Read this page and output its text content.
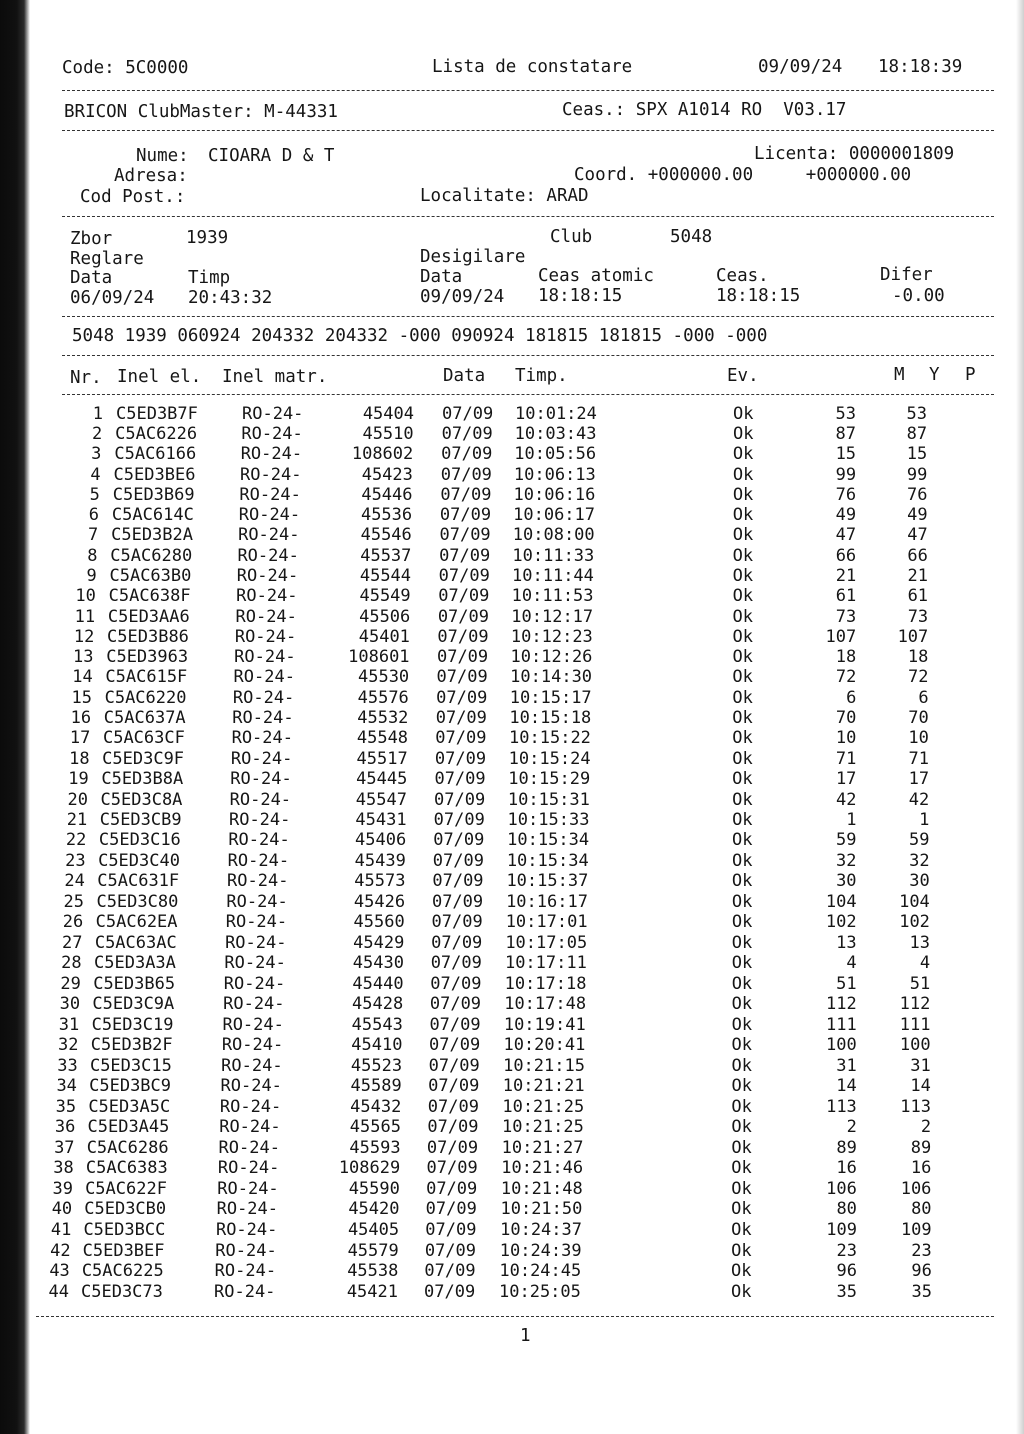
Code: 5C0000	Lista de constatare	09/09/24 18:18:39
BRICON ClubMaster: M-44331	Ceas.: SPX A1014 RO  V03.17
Nume: CIOARA D & T	Licenta: 0000001809
Adresa:	Coord. +000000.00     +000000.00
Cod Post.:	Localitate: ARAD
Zbor	1939	Club	5048
Reglare	Desigilare
Data	Timp	Data	Ceas atomic	Ceas.	Difer
06/09/24 20:43:32	09/09/24 18:18:15	18:18:15	-0.00
5048 1939 060924 204332 204332 -000 090924 181815 181815 -000 -000
Nr. Inel el. Inel matr.	Data Timp.	Ev.	M Y P
1 C5ED3B7F	RO-24-	45404 07/09 10:01:24	Ok	53	53
2 C5AC6226	RO-24-	45510 07/09 10:03:43	Ok	87	87
3 C5AC6166	RO-24-	108602 07/09 10:05:56	Ok	15	15
4 C5ED3BE6	RO-24-	45423 07/09 10:06:13	Ok	99	99
5 C5ED3B69	RO-24-	45446 07/09 10:06:16	Ok	76	76
6 C5AC614C	RO-24-	45536 07/09 10:06:17	Ok	49	49
7 C5ED3B2A	RO-24-	45546 07/09 10:08:00	Ok	47	47
8 C5AC6280	RO-24-	45537 07/09 10:11:33	Ok	66	66
9 C5AC63B0	RO-24-	45544 07/09 10:11:44	Ok	21	21
10 C5AC638F	RO-24-	45549 07/09 10:11:53	Ok	61	61
11 C5ED3AA6	RO-24-	45506 07/09 10:12:17	Ok	73	73
12 C5ED3B86	RO-24-	45401 07/09 10:12:23	Ok	107 107
13 C5ED3963	RO-24-	108601 07/09 10:12:26	Ok	18	18
14 C5AC615F	RO-24-	45530 07/09 10:14:30	Ok	72	72
15 C5AC6220	RO-24-	45576 07/09 10:15:17	Ok	6	6
16 C5AC637A	RO-24-	45532 07/09 10:15:18	Ok	70	70
17 C5AC63CF	RO-24-	45548 07/09 10:15:22	Ok	10	10
18 C5ED3C9F	RO-24-	45517 07/09 10:15:24	Ok	71	71
19 C5ED3B8A	RO-24-	45445 07/09 10:15:29	Ok	17	17
20 C5ED3C8A	RO-24-	45547 07/09 10:15:31	Ok	42	42
21 C5ED3CB9	RO-24-	45431 07/09 10:15:33	Ok	1	1
22 C5ED3C16	RO-24-	45406 07/09 10:15:34	Ok	59	59
23 C5ED3C40	RO-24-	45439 07/09 10:15:34	Ok	32	32
24 C5AC631F	RO-24-	45573 07/09 10:15:37	Ok	30	30
25 C5ED3C80	RO-24-	45426 07/09 10:16:17	Ok	104	104
26 C5AC62EA	RO-24-	45560 07/09 10:17:01	Ok	102	102
27 C5AC63AC	RO-24-	45429 07/09 10:17:05	Ok	13	13
28 C5ED3A3A	RO-24-	45430 07/09 10:17:11	Ok	4	4
29 C5ED3B65	RO-24-	45440 07/09 10:17:18	Ok	51	51
30 C5ED3C9A	RO-24-	45428 07/09 10:17:48	Ok	112	112
31 C5ED3C19	RO-24-	45543 07/09 10:19:41	Ok	111	111
32 C5ED3B2F	RO-24-	45410 07/09 10:20:41	Ok	100	100
33 C5ED3C15	RO-24-	45523 07/09 10:21:15	Ok	31	31
34 C5ED3BC9	RO-24-	45589 07/09 10:21:21	Ok	14	14
35 C5ED3A5C	RO-24-	45432 07/09 10:21:25	Ok	113	113
36 C5ED3A45	RO-24-	45565 07/09 10:21:25	Ok	2	2
37 C5AC6286	RO-24-	45593 07/09 10:21:27	Ok	89	89
38 C5AC6383	RO-24-	108629 07/09 10:21:46	Ok	16	16
39 C5AC622F	RO-24-	45590 07/09 10:21:48	Ok	106	106
40 C5ED3CB0	RO-24-	45420 07/09 10:21:50	Ok	80	80
41 C5ED3BCC	RO-24-	45405 07/09 10:24:37	Ok	109	109
42 C5ED3BEF	RO-24-	45579 07/09 10:24:39	Ok	23	23
43 C5AC6225	RO-24-	45538 07/09 10:24:45	Ok	96	96
44 C5ED3C73	RO-24-	45421 07/09 10:25:05	Ok	35	35
1
